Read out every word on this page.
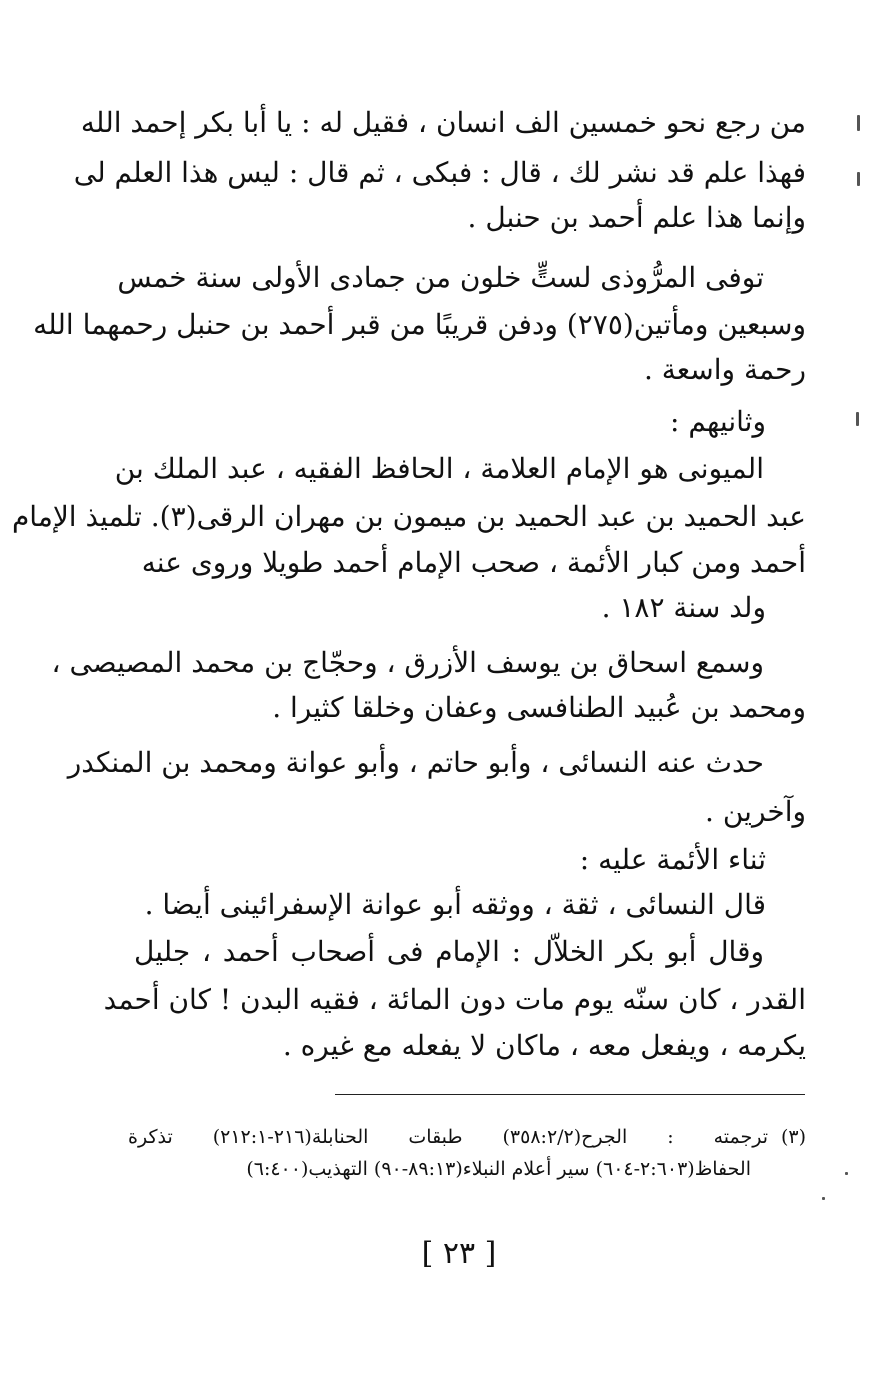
من رجع نحو خمسين الف انسان ، فقيل له : يا أبا بكر إحمد الله
فهذا علم قد نشر لك ، قال : فبكى ، ثم قال : ليس هذا العلم لى
وإنما هذا علم أحمد بن حنبل .
توفى المرُّوذى لستٍّ خلون من جمادى الأولى سنة خمس
وسبعين ومأتين(٢٧٥) ودفن قريبًا من قبر أحمد بن حنبل رحمهما الله
رحمة واسعة .
وثانيهم :
الميونى هو الإمام العلامة ، الحافظ الفقيه ، عبد الملك بن
عبد الحميد بن عبد الحميد بن ميمون بن مهران الرقى(٣). تلميذ الإمام
أحمد ومن كبار الأئمة ، صحب الإمام أحمد طويلا وروى عنه
ولد سنة ١٨٢ .
وسمع اسحاق بن يوسف الأزرق ، وحجّاج بن محمد المصيصى ،
ومحمد بن عُبيد الطنافسى وعفان وخلقا كثيرا .
حدث عنه النسائى ، وأبو حاتم ، وأبو عوانة ومحمد بن المنكدر
وآخرين .
ثناء الأئمة عليه :
قال النسائى ، ثقة ، ووثقه أبو عوانة الإسفرائينى أيضا .
وقال أبو بكر الخلاّل : الإمام فى أصحاب أحمد ، جليل
القدر ، كان سنّه يوم مات دون المائة ، فقيه البدن ! كان أحمد
يكرمه ، ويفعل معه ، ماكان لا يفعله مع غيره .
(٣)
ترجمته : الجرح(٣٥٨:٢/٢) طبقات الحنابلة(٢١٦-٢١٢:١) تذكرة
الحفاظ(٢:٦٠٣-٦٠٤) سير أعلام النبلاء(٨٩:١٣-٩٠) التهذيب(٦:٤٠٠)
[ ٢٣ ]
